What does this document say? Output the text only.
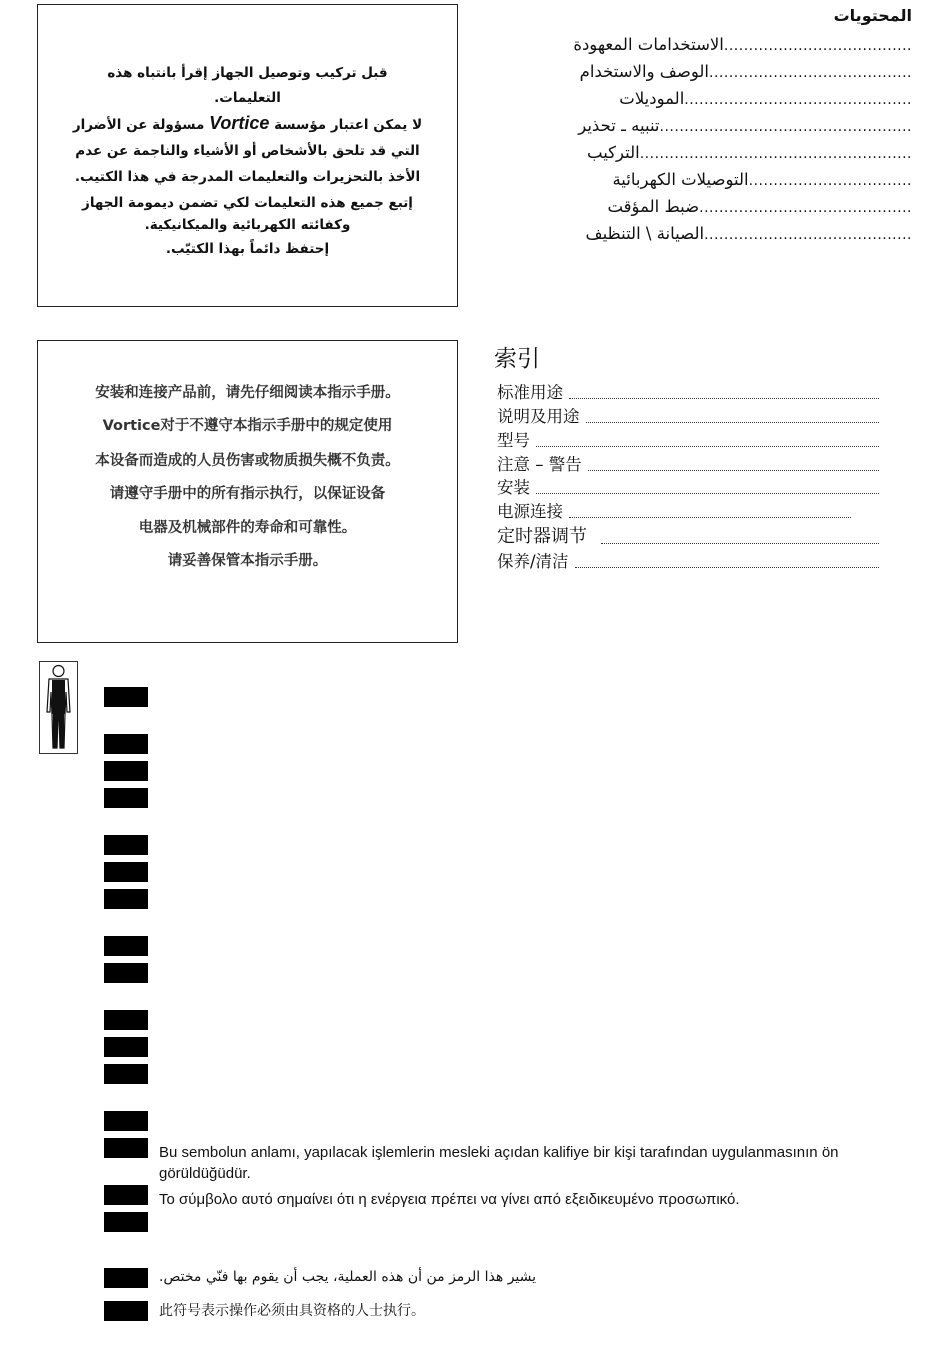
قبل تركيب وتوصيل الجهاز إقرأ بانتباه هذه
التعليمات.
لا يمكن اعتبار مؤسسة Vortice مسؤولة عن الأضرار
التي قد تلحق بالأشخاص أو الأشياء والناجمة عن عدم
الأخذ بالتحزيرات والتعليمات المدرجة في هذا الكتيب.
إتبع جميع هذه التعليمات لكي تضمن ديمومة الجهاز
وكفائته الكهربائية والميكانيكية.
إحتفظ دائماً بهذا الكتيّب.
المحتويات
الاستخدامات المعهودة ......................................
الوصف والاستخدام .........................................
الموديلات ..............................................
تنبيه ـ تحذير ...................................................
التركيب .......................................................
التوصيلات الكهربائية .................................
ضبط المؤقت ...........................................
الصيانة \ التنظيف ..........................................
安装和连接产品前，请先仔细阅读本指示手册。
Vortice对于不遵守本指示手册中的规定使用
本设备而造成的人员伤害或物质损失概不负责。
请遵守手册中的所有指示执行，以保证设备
电器及机械部件的寿命和可靠性。
请妥善保管本指示手册。
索引
标准用途
说明及用途
型号
注意 – 警告
安装
电源连接
定时器调节
保养/清洁
Bu sembolun anlamı, yapılacak işlemlerin mesleki açıdan kalifiye bir kişi tarafından uygulanmasının ön görüldüğüdür.
Το σύμβολο αυτό σημαίνει ότι η ενέργεια πρέπει να γίνει από εξειδικευμένο προσωπικό.
يشير هذا الرمز من أن هذه العملية، يجب أن يقوم بها فنّي مختص.
此符号表示操作必须由具资格的人士执行。
